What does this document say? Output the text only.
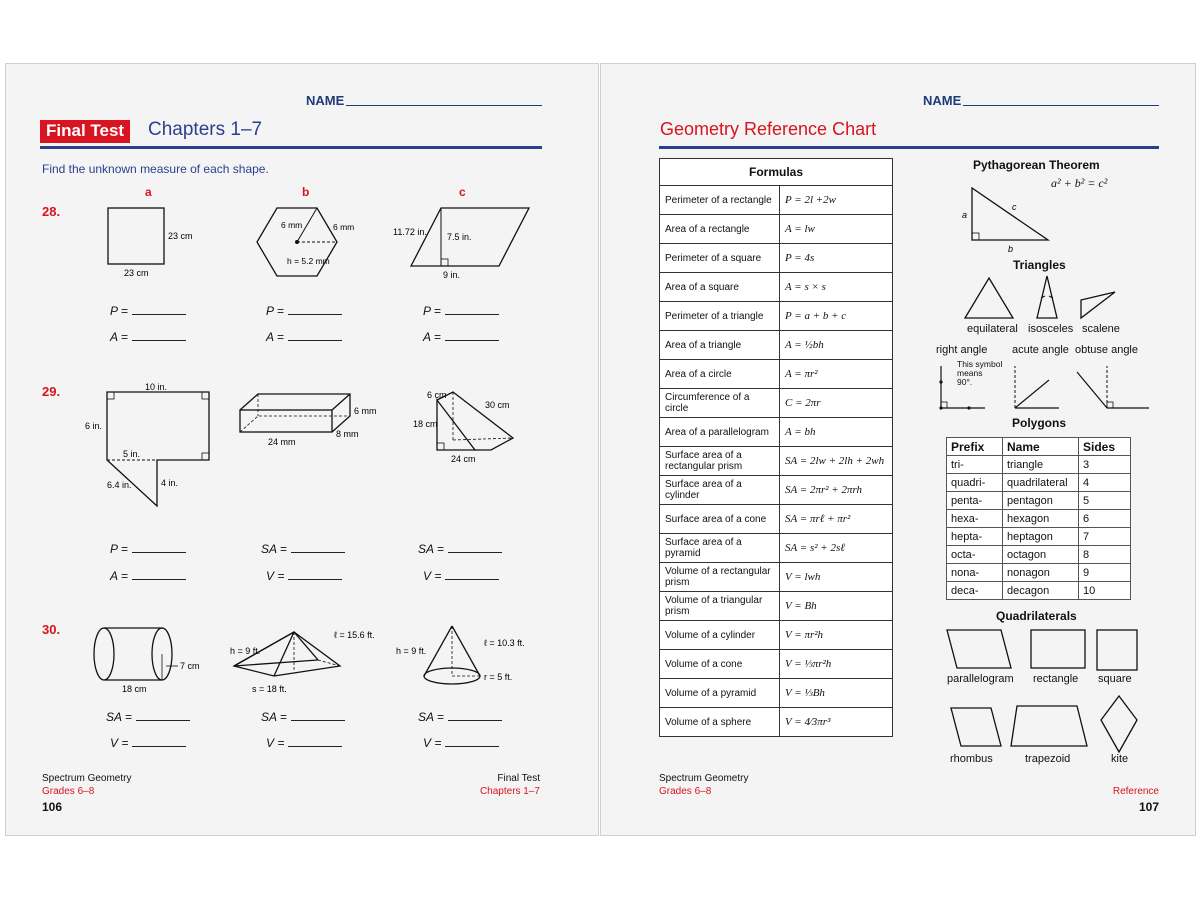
NAME
Final Test	Chapters 1–7
Find the unknown measure of each shape.
a	b	c
28.
29.
30.
23 cm
23 cm
6 mm	6 mm
h = 5.2 mm
11.72 in. 7.5 in.
9 in.
10 in.
6 in.
5 in.
4 in.
6.4 in.
6 mm
24 mm
8 mm
6 cm
30 cm
18 cm
24 cm
7 cm
18 cm
h = 9 ft.
ℓ = 15.6 ft.
s = 18 ft.
h = 9 ft.
ℓ = 10.3 ft.
r = 5 ft.
P =
A =
P =
A =
P =
A =
P =
A =
SA =
V =
SA =
V =
SA =
V =
SA =
V =
SA =
V =
Spectrum Geometry
Grades 6–8
106
Final Test
Chapters 1–7
NAME
Geometry Reference Chart
Formulas	
Perimeter of a rectangle	P = 2l +2w
Area of a rectangle	A = lw
Perimeter of a square	P = 4s
Area of a square	A = s × s
Perimeter of a triangle	P = a + b + c
Area of a triangle	A = ½bh
Area of a circle	A = πr²
Circumference of a circle	C = 2πr
Area of a parallelogram	A = bh
Surface area of a rectangular prism	SA = 2lw + 2lh + 2wh
Surface area of a cylinder	SA = 2πr² + 2πrh
Surface area of a cone	SA = πrℓ + πr²
Surface area of a pyramid	SA = s² + 2sℓ
Volume of a rectangular prism	V = lwh
Volume of a triangular prism	V = Bh
Volume of a cylinder	V = πr²h
Volume of a cone	V = ⅓πr²h
Volume of a pyramid	V = ⅓Bh
Volume of a sphere	V = 4⁄3πr³
Pythagorean Theorem
a² + b² = c²
a
b
c
Triangles
equilateral isosceles scalene
right angle acute angle obtuse angle
This symbol
means
90°.
Polygons
Prefix	Name	Sides
tri-	triangle	3
quadri-	quadrilateral	4
penta-	pentagon	5
hexa-	hexagon	6
hepta-	heptagon	7
octa-	octagon	8
nona-	nonagon	9
deca-	decagon	10
Quadrilaterals
parallelogram rectangle square
rhombus	trapezoid	kite
Spectrum Geometry
Grades 6–8	Reference
107
